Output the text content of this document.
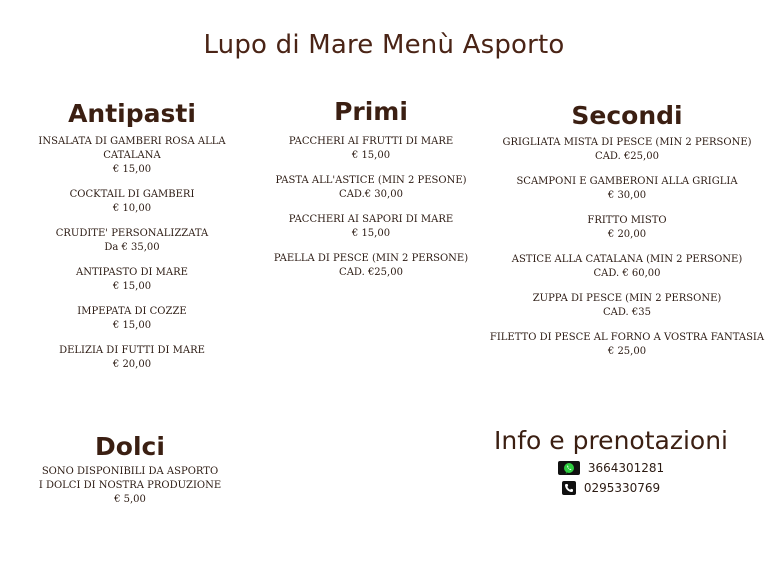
Lupo di Mare Menù Asporto
Antipasti
INSALATA DI GAMBERI ROSA ALLA CATALANA
€ 15,00
COCKTAIL DI GAMBERI
€ 10,00
CRUDITE' PERSONALIZZATA
Da € 35,00
ANTIPASTO DI MARE
€ 15,00
IMPEPATA DI COZZE
€ 15,00
DELIZIA DI FUTTI DI MARE
€ 20,00
Primi
PACCHERI AI FRUTTI DI MARE
€ 15,00
PASTA ALL'ASTICE (MIN 2 PESONE)
CAD.€ 30,00
PACCHERI AI SAPORI DI MARE
€ 15,00
PAELLA DI PESCE (MIN 2 PERSONE)
CAD. €25,00
Secondi
GRIGLIATA MISTA DI PESCE (MIN 2 PERSONE)
CAD. €25,00
SCAMPONI E GAMBERONI ALLA GRIGLIA
€ 30,00
FRITTO MISTO
€ 20,00
ASTICE ALLA CATALANA (MIN 2 PERSONE)
CAD. € 60,00
ZUPPA DI PESCE (MIN 2 PERSONE)
CAD. €35
FILETTO DI PESCE AL FORNO A VOSTRA FANTASIA
€ 25,00
Dolci
SONO DISPONIBILI DA ASPORTO
I DOLCI DI NOSTRA PRODUZIONE
€ 5,00
Info e prenotazioni
3664301281
0295330769
